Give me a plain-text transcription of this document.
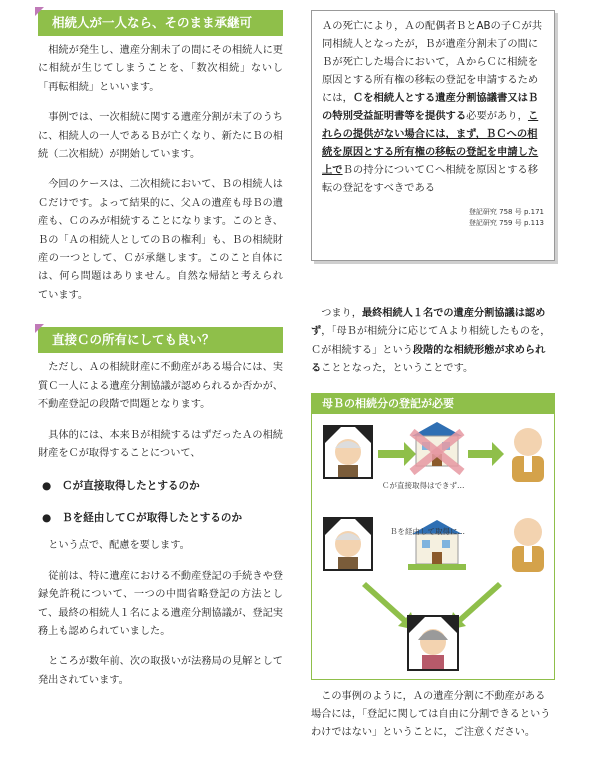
相続人が一人なら、そのまま承継可

相続が発生し、遺産分割未了の間にその相続人に更に相続が生じてしまうことを、「数次相続」ないし「再転相続」といいます。

事例では、一次相続に関する遺産分割が未了のうちに、相続人の一人であるＢが亡くなり、新たにＢの相続（二次相続）が開始しています。

今回のケースは、二次相続において、Ｂの相続人はＣだけです。よって結果的に、父Ａの遺産も母Ｂの遺産も、Ｃのみが相続することになります。このとき、Ｂの「Ａの相続人としてのＢの権利」も、Ｂの相続財産の一つとして、Ｃが承継します。このこと自体には、何ら問題はありません。自然な帰結と考えられています。

直接Ｃの所有にしても良い？

ただし、Ａの相続財産に不動産がある場合には、実質Ｃ一人による遺産分割協議が認められるか否かが、不動産登記の段階で問題となります。

具体的には、本来Ｂが相続するはずだったＡの相続財産をＣが取得することについて、

● Ｃが直接取得したとするのか
● Ｂを経由してＣが取得したとするのか

という点で、配慮を要します。

従前は、特に遺産における不動産登記の手続きや登録免許税について、一つの中間省略登記の方法として、最終の相続人１名による遺産分割協議が、登記実務上も認められていました。

ところが数年前、次の取扱いが法務局の見解として発出されています。

Ａの死亡により，Ａの配偶者ＢとABの子Ｃが共同相続人となったが，Ｂが遺産分割未了の間にＢが死亡した場合において，ＡからＣに相続を原因とする所有権の移転の登記を申請するためには，Ｃを相続人とする遺産分割協議書又はＢの特別受益証明書等を提供する必要があり，これらの提供がない場合には，まず，ＢＣへの相続を原因とする所有権の移転の登記を申請した上でＢの持分についてＣへ相続を原因とする移転の登記をすべきである
登記研究 758 号 p.171
登記研究 759 号 p.113

つまり，最終相続人１名での遺産分割協議は認めず，「母Ｂが相続分に応じてＡより相続したものを，Ｃが相続する」という段階的な相続形態が求められることとなった，ということです。

母Ｂの相続分の登記が必要
Ｃが直接取得はできず…
Ｂを経由して取得に…

この事例のように，Ａの遺産分割に不動産がある場合には，「登記に関しては自由に分割できるというわけではない」ということに，ご注意ください。
